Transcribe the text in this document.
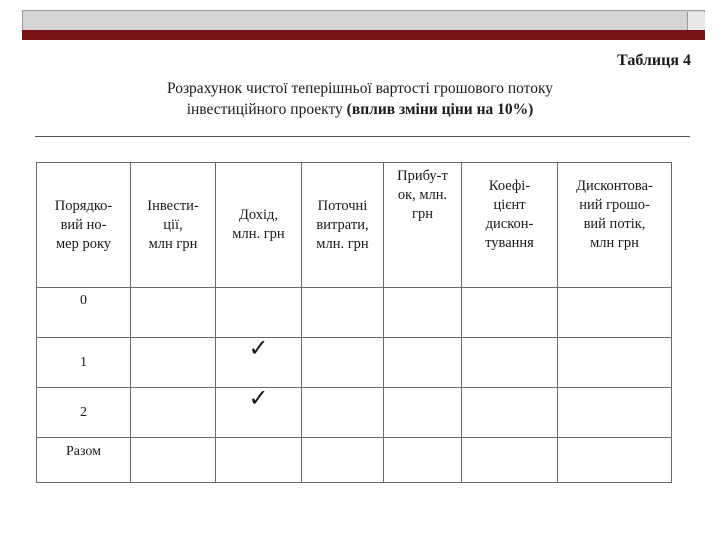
Таблиця 4
Розрахунок чистої теперішньої вартості грошового потоку
інвестиційного проекту (вплив зміни ціни на 10%)
Порядко-
вий но-
мер року	Інвести-
ції,
млн грн	Дохід,
млн. грн	Поточні
витрати,
млн. грн	Прибу-т
ок, млн.
грн	Коефі-
цієнт
дискон-
тування	Дисконтова-
ний грошо-
вий потік,
млн грн

0						
1		✓				
2		✓				
Разом						
